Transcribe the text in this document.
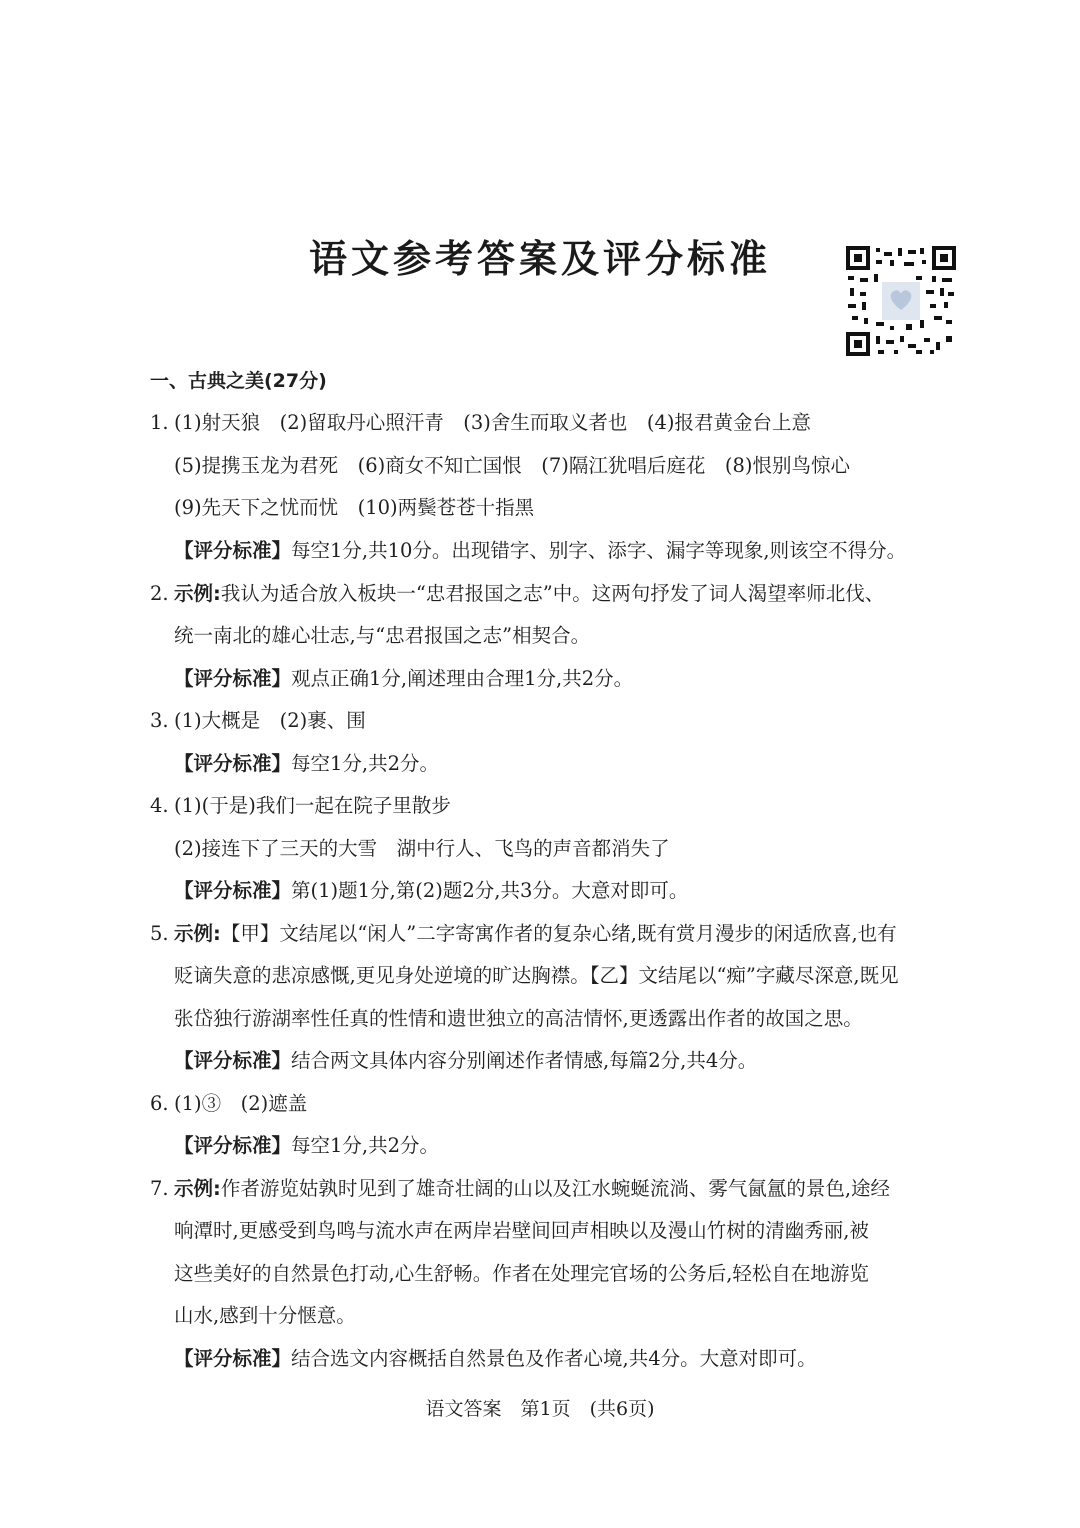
语文参考答案及评分标准
一、古典之美(27分)
1. (1)射天狼　(2)留取丹心照汗青　(3)舍生而取义者也　(4)报君黄金台上意
(5)提携玉龙为君死　(6)商女不知亡国恨　(7)隔江犹唱后庭花　(8)恨别鸟惊心
(9)先天下之忧而忧　(10)两鬓苍苍十指黑
【评分标准】每空1分,共10分。出现错字、别字、添字、漏字等现象,则该空不得分。
2. 示例:我认为适合放入板块一“忠君报国之志”中。这两句抒发了词人渴望率师北伐、
统一南北的雄心壮志,与“忠君报国之志”相契合。
【评分标准】观点正确1分,阐述理由合理1分,共2分。
3. (1)大概是　(2)裹、围
【评分标准】每空1分,共2分。
4. (1)(于是)我们一起在院子里散步
(2)接连下了三天的大雪　湖中行人、飞鸟的声音都消失了
【评分标准】第(1)题1分,第(2)题2分,共3分。大意对即可。
5. 示例:【甲】文结尾以“闲人”二字寄寓作者的复杂心绪,既有赏月漫步的闲适欣喜,也有
贬谪失意的悲凉感慨,更见身处逆境的旷达胸襟。【乙】文结尾以“痴”字藏尽深意,既见
张岱独行游湖率性任真的性情和遗世独立的高洁情怀,更透露出作者的故国之思。
【评分标准】结合两文具体内容分别阐述作者情感,每篇2分,共4分。
6. (1)③　(2)遮盖
【评分标准】每空1分,共2分。
7. 示例:作者游览姑孰时见到了雄奇壮阔的山以及江水蜿蜒流淌、雾气氤氲的景色,途经
响潭时,更感受到鸟鸣与流水声在两岸岩壁间回声相映以及漫山竹树的清幽秀丽,被
这些美好的自然景色打动,心生舒畅。作者在处理完官场的公务后,轻松自在地游览
山水,感到十分惬意。
【评分标准】结合选文内容概括自然景色及作者心境,共4分。大意对即可。
语文答案　第1页　(共6页)
